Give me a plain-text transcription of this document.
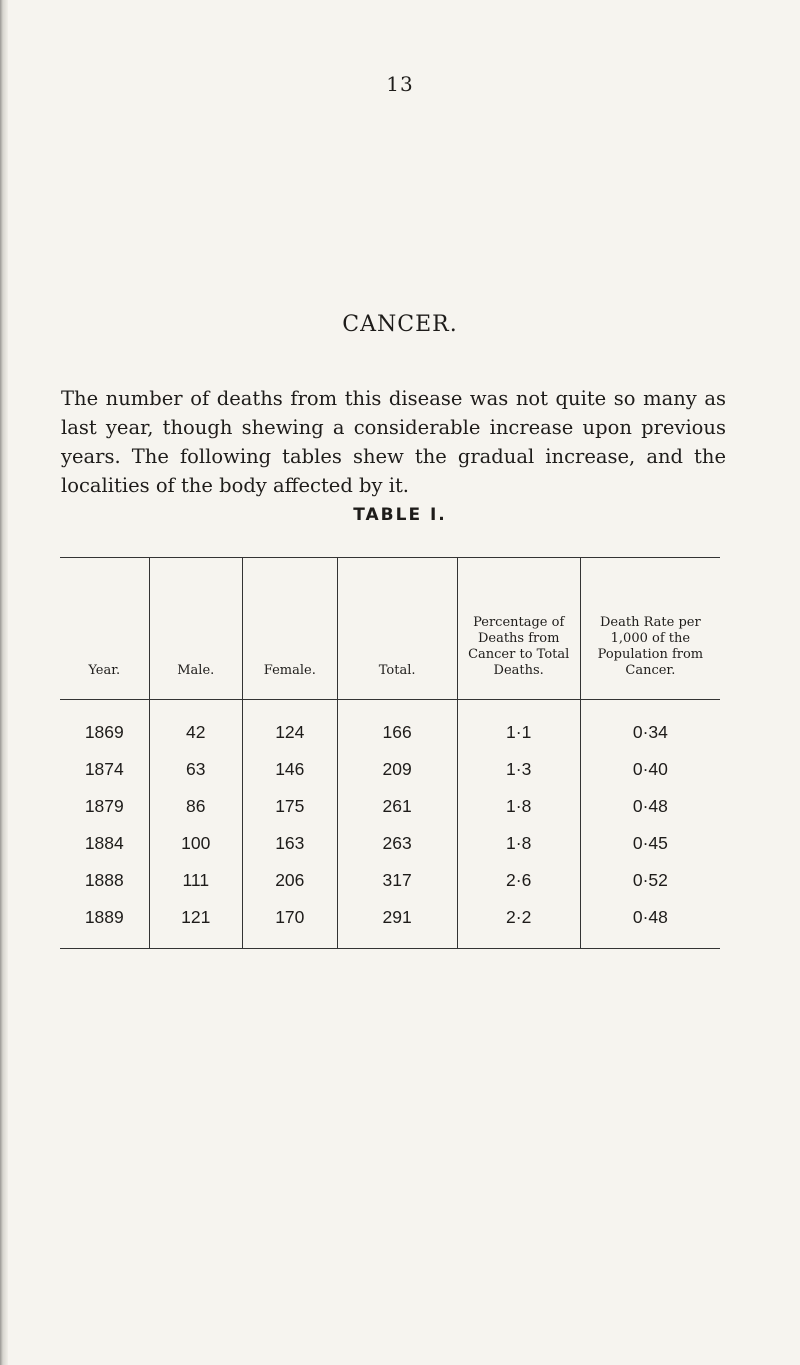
13
CANCER.

The number of deaths from this disease was not quite so many as last year, though shewing a considerable increase upon previous years. The following tables shew the gradual increase, and the localities of the body affected by it.

TABLE I.
Year.	Male.	Female.	Total.	Percentage of Deaths from Cancer to Total Deaths.	Death Rate per 1,000 of the Population from Cancer.
1869	42	124	166	1·1	0·34
1874	63	146	209	1·3	0·40
1879	86	175	261	1·8	0·48
1884	100	163	263	1·8	0·45
1888	111	206	317	2·6	0·52
1889	121	170	291	2·2	0·48
